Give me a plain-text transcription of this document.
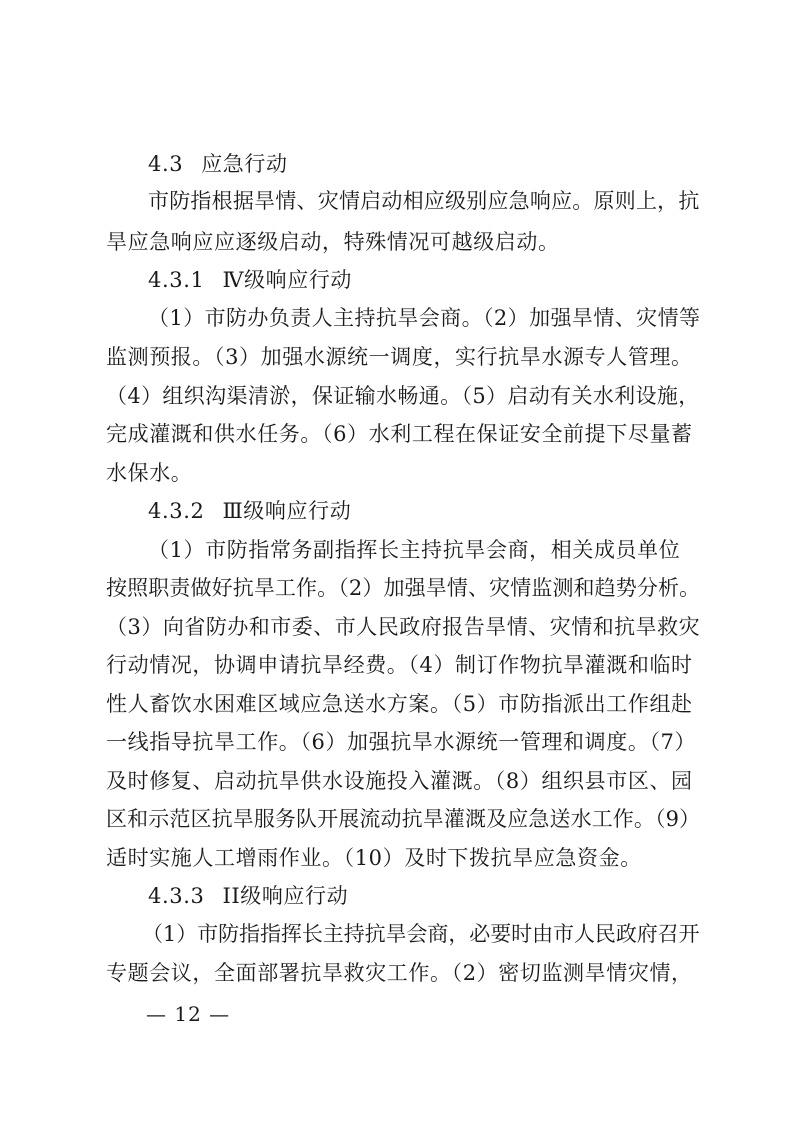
4.3 应急行动
市防指根据旱情、灾情启动相应级别应急响应。原则上，抗
旱应急响应应逐级启动，特殊情况可越级启动。
4.3.1 Ⅳ级响应行动
（1）市防办负责人主持抗旱会商。（2）加强旱情、灾情等
监测预报。（3）加强水源统一调度，实行抗旱水源专人管理。
（4）组织沟渠清淤，保证输水畅通。（5）启动有关水利设施，
完成灌溉和供水任务。（6）水利工程在保证安全前提下尽量蓄
水保水。
4.3.2 Ⅲ级响应行动
（1）市防指常务副指挥长主持抗旱会商，相关成员单位
按照职责做好抗旱工作。（2）加强旱情、灾情监测和趋势分析。
（3）向省防办和市委、市人民政府报告旱情、灾情和抗旱救灾
行动情况，协调申请抗旱经费。（4）制订作物抗旱灌溉和临时
性人畜饮水困难区域应急送水方案。（5）市防指派出工作组赴
一线指导抗旱工作。（6）加强抗旱水源统一管理和调度。（7）
及时修复、启动抗旱供水设施投入灌溉。（8）组织县市区、园
区和示范区抗旱服务队开展流动抗旱灌溉及应急送水工作。（9）
适时实施人工增雨作业。（10）及时下拨抗旱应急资金。
4.3.3 II级响应行动
（1）市防指指挥长主持抗旱会商，必要时由市人民政府召开
专题会议，全面部署抗旱救灾工作。（2）密切监测旱情灾情，
— 12 —
